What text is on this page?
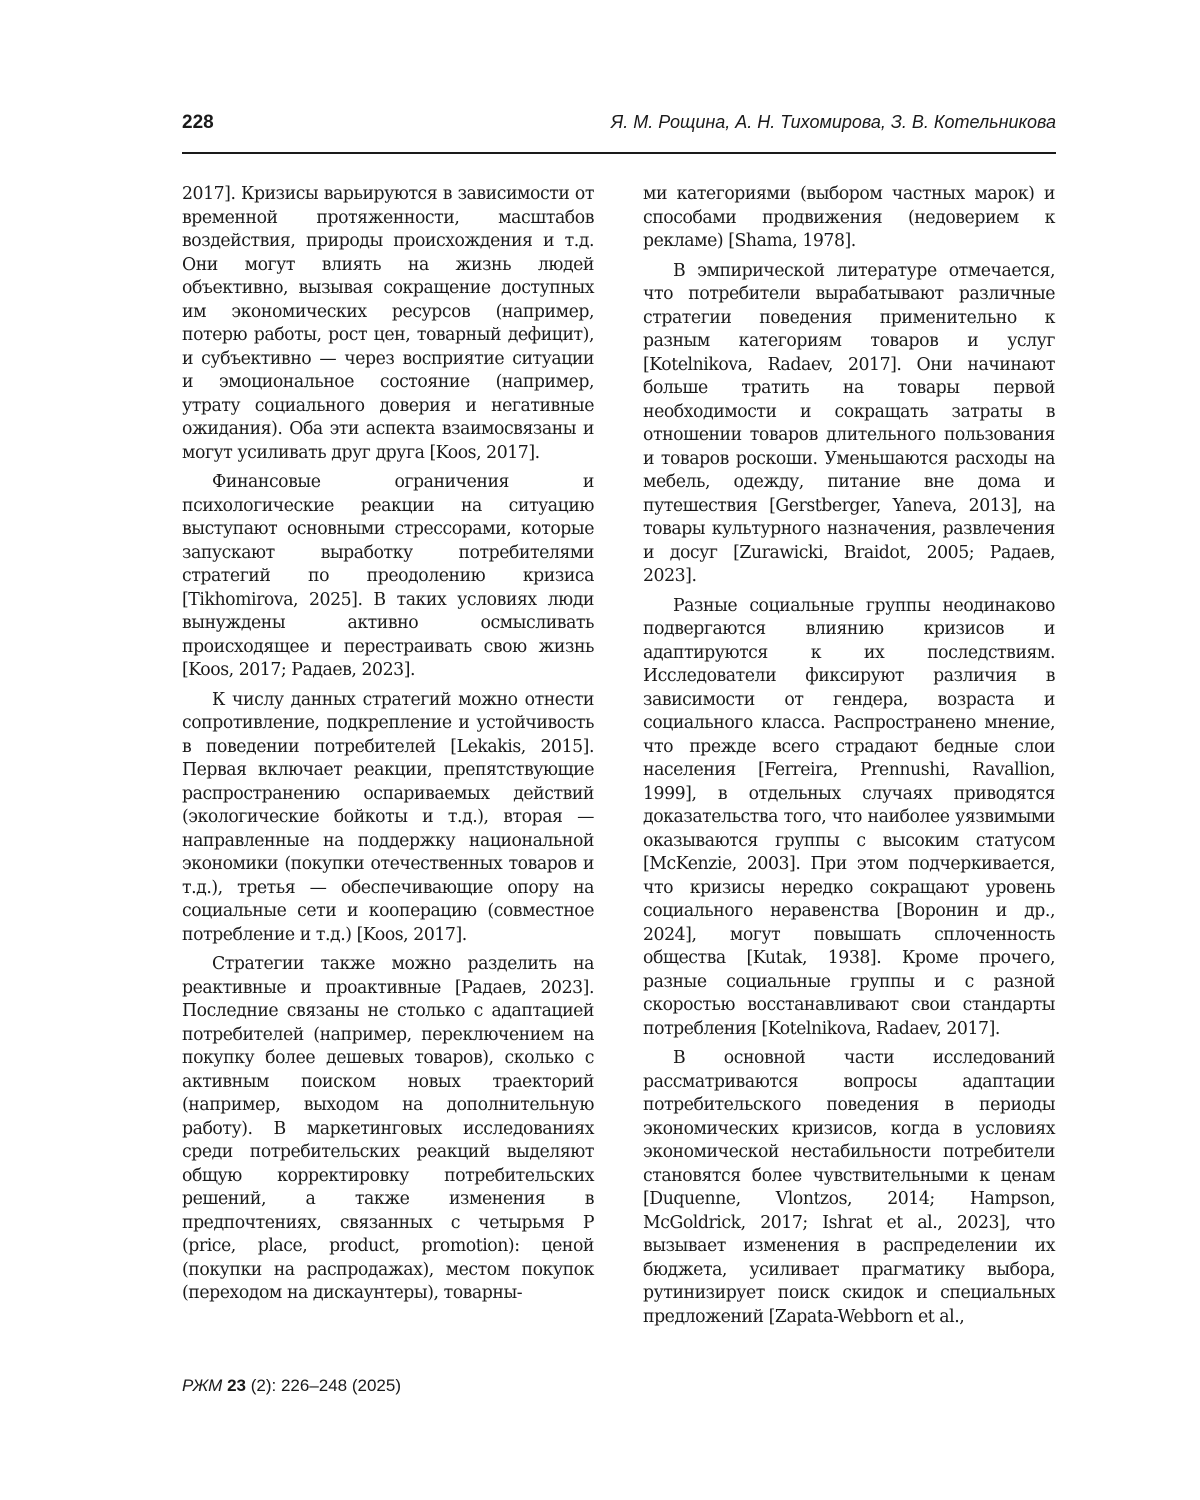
228	Я. М. Рощина, А. Н. Тихомирова, З. В. Котельникова

2017]. Кризисы варьируются в зависимости от временной протяженности, масштабов воздействия, природы происхождения и т.д. Они могут влиять на жизнь людей объективно, вызывая сокращение доступных им экономических ресурсов (например, потерю работы, рост цен, товарный дефицит), и субъективно — через восприятие ситуации и эмоциональное состояние (например, утрату социального доверия и негативные ожидания). Оба эти аспекта взаимосвязаны и могут усиливать друг друга [Koos, 2017].

Финансовые ограничения и психологические реакции на ситуацию выступают основными стрессорами, которые запускают выработку потребителями стратегий по преодолению кризиса [Tikhomirova, 2025]. В таких условиях люди вынуждены активно осмысливать происходящее и перестраивать свою жизнь [Koos, 2017; Радаев, 2023].

К числу данных стратегий можно отнести сопротивление, подкрепление и устойчивость в поведении потребителей [Lekakis, 2015]. Первая включает реакции, препятствующие распространению оспариваемых действий (экологические бойкоты и т.д.), вторая — направленные на поддержку национальной экономики (покупки отечественных товаров и т.д.), третья — обеспечивающие опору на социальные сети и кооперацию (совместное потребление и т.д.) [Koos, 2017].

Стратегии также можно разделить на реактивные и проактивные [Радаев, 2023]. Последние связаны не столько с адаптацией потребителей (например, переключением на покупку более дешевых товаров), сколько с активным поиском новых траекторий (например, выходом на дополнительную работу). В маркетинговых исследованиях среди потребительских реакций выделяют общую корректировку потребительских решений, а также изменения в предпочтениях, связанных с четырьмя P (price, place, product, promotion): ценой (покупки на распродажах), местом покупок (переходом на дискаунтеры), товарны-

ми категориями (выбором частных марок) и способами продвижения (недоверием к рекламе) [Shama, 1978].

В эмпирической литературе отмечается, что потребители вырабатывают различные стратегии поведения применительно к разным категориям товаров и услуг [Kotelnikova, Radaev, 2017]. Они начинают больше тратить на товары первой необходимости и сокращать затраты в отношении товаров длительного пользования и товаров роскоши. Уменьшаются расходы на мебель, одежду, питание вне дома и путешествия [Gerstberger, Yaneva, 2013], на товары культурного назначения, развлечения и досуг [Zurawicki, Braidot, 2005; Радаев, 2023].

Разные социальные группы неодинаково подвергаются влиянию кризисов и адаптируются к их последствиям. Исследователи фиксируют различия в зависимости от гендера, возраста и социального класса. Распространено мнение, что прежде всего страдают бедные слои населения [Ferreira, Prennushi, Ravallion, 1999], в отдельных случаях приводятся доказательства того, что наиболее уязвимыми оказываются группы с высоким статусом [McKenzie, 2003]. При этом подчеркивается, что кризисы нередко сокращают уровень социального неравенства [Воронин и др., 2024], могут повышать сплоченность общества [Kutak, 1938]. Кроме прочего, разные социальные группы и с разной скоростью восстанавливают свои стандарты потребления [Kotelnikova, Radaev, 2017].

В основной части исследований рассматриваются вопросы адаптации потребительского поведения в периоды экономических кризисов, когда в условиях экономической нестабильности потребители становятся более чувствительными к ценам [Duquenne, Vlontzos, 2014; Hampson, McGoldrick, 2017; Ishrat et al., 2023], что вызывает изменения в распределении их бюджета, усиливает прагматику выбора, рутинизирует поиск скидок и специальных предложений [Zapata-Webborn et al.,

РЖМ 23 (2): 226–248 (2025)
